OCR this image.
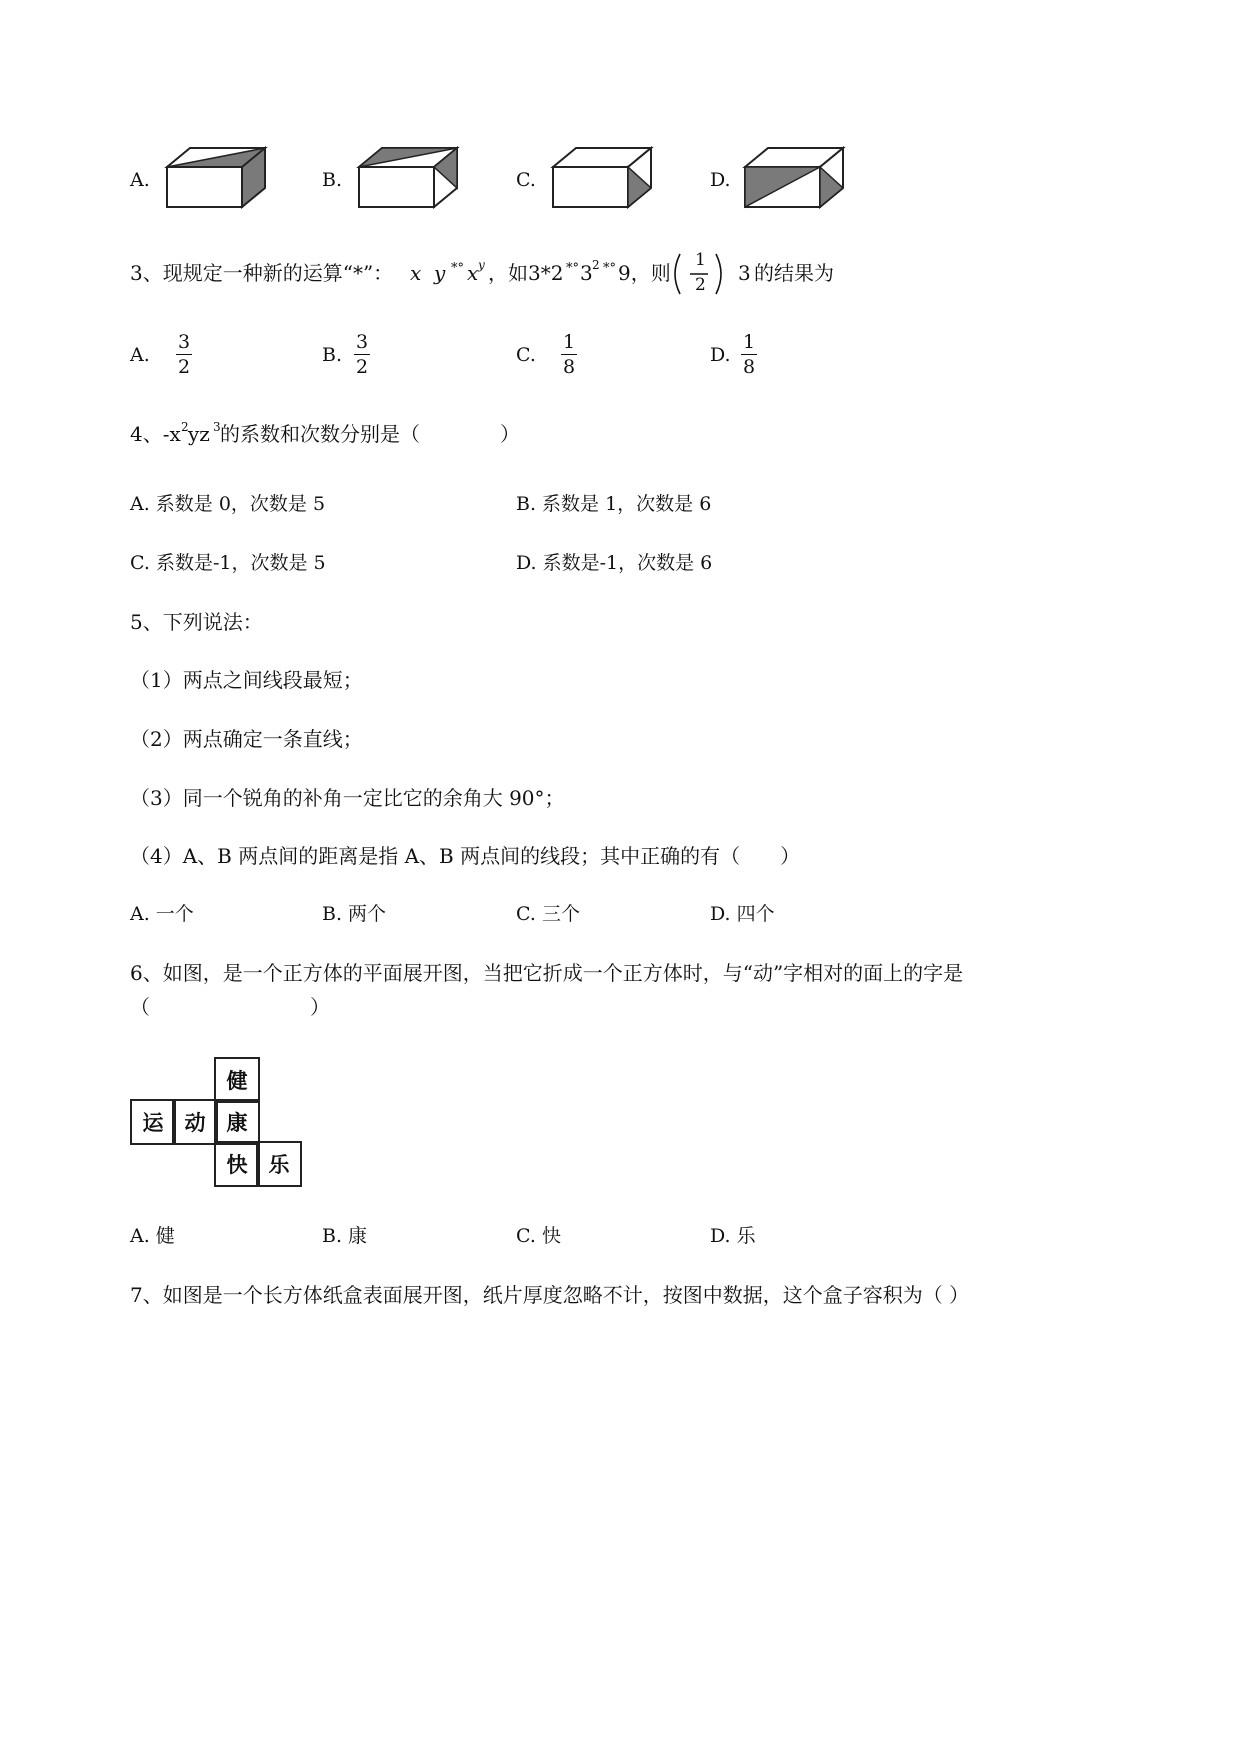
A.	B.	C.	D.
3、现规定一种新的运算“*”： x y *° x y ，如3*2 *° 3 2 *° 9，则
1
2 3 的结果为
A.
3
2
B.
3
2
C.
1
8
D.
1
8
4、-x 2 yz 3 的系数和次数分别是（　　　　）
A. 系数是 0，次数是 5	B. 系数是 1，次数是 6
C. 系数是-1，次数是 5	D. 系数是-1，次数是 6
5、下列说法：
（1）两点之间线段最短；
（2）两点确定一条直线；
（3）同一个锐角的补角一定比它的余角大 90°；
（4）A、B 两点间的距离是指 A、B 两点间的线段；其中正确的有（　　）
A. 一个	B. 两个	C. 三个	D. 四个
6、如图，是一个正方体的平面展开图，当把它折成一个正方体时，与“动”字相对的面上的字是
（　　　　　　　　）
健
运	动	康
快	乐
A. 健	B. 康	C. 快	D. 乐
7、如图是一个长方体纸盒表面展开图，纸片厚度忽略不计，按图中数据，这个盒子容积为（ ）
